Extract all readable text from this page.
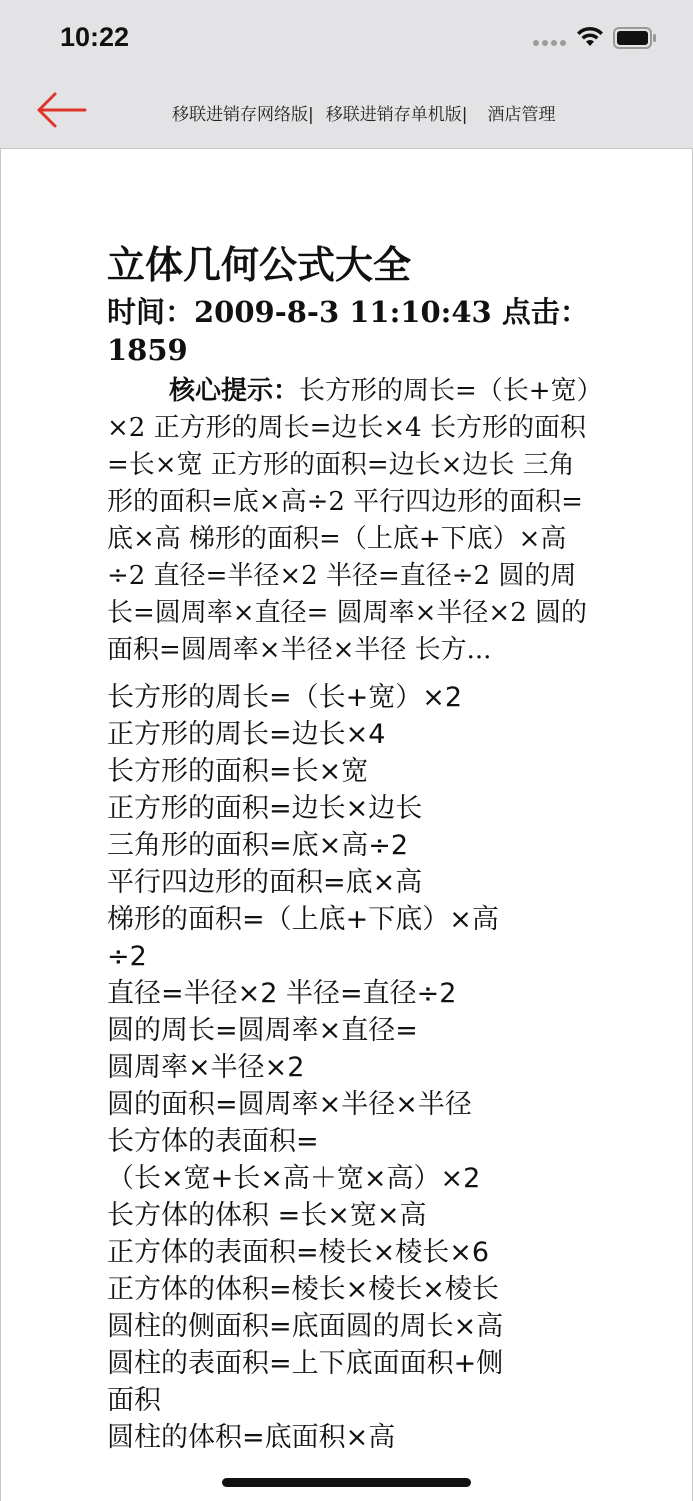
10:22
移联进销存网络版| 移联进销存单机版| 酒店管理
立体几何公式大全
时间：2009-8-3 11:10:43 点击：1859
核心提示：长方形的周长=（长+宽）×2 正方形的周长=边长×4 长方形的面积=长×宽 正方形的面积=边长×边长 三角形的面积=底×高÷2 平行四边形的面积=底×高 梯形的面积=（上底+下底）×高÷2 直径=半径×2 半径=直径÷2 圆的周长=圆周率×直径= 圆周率×半径×2 圆的面积=圆周率×半径×半径 长方...
长方形的周长=（长+宽）×2
正方形的周长=边长×4
长方形的面积=长×宽
正方形的面积=边长×边长
三角形的面积=底×高÷2
平行四边形的面积=底×高
梯形的面积=（上底+下底）×高
÷2
直径=半径×2 半径=直径÷2
圆的周长=圆周率×直径=
圆周率×半径×2
圆的面积=圆周率×半径×半径
长方体的表面积=
（长×宽+长×高＋宽×高）×2
长方体的体积 =长×宽×高
正方体的表面积=棱长×棱长×6
正方体的体积=棱长×棱长×棱长
圆柱的侧面积=底面圆的周长×高
圆柱的表面积=上下底面面积+侧
面积
圆柱的体积=底面积×高
